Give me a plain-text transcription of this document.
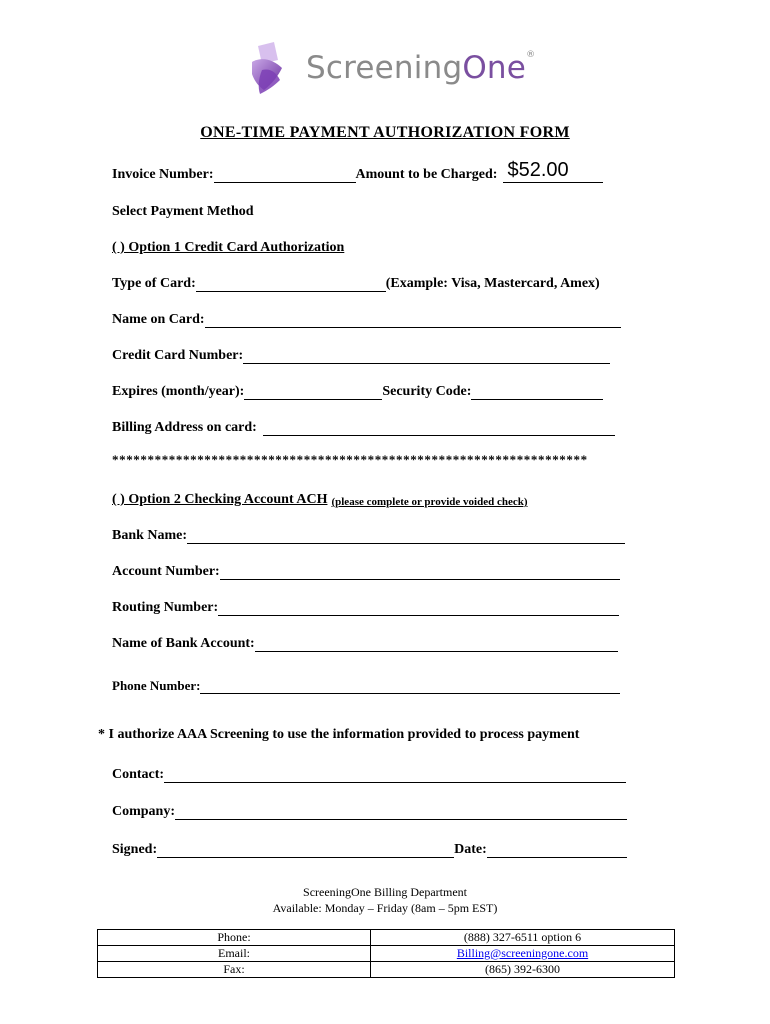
ScreeningOne®
ONE-TIME PAYMENT AUTHORIZATION FORM
Invoice Number:	Amount to be Charged: $52.00
Select Payment Method
( ) Option 1 Credit Card Authorization
Type of Card:	(Example: Visa, Mastercard, Amex)
Name on Card:
Credit Card Number:
Expires (month/year):	Security Code:
Billing Address on card:
*******************************************************************
( ) Option 2 Checking Account ACH (please complete or provide voided check)
Bank Name:
Account Number:
Routing Number:
Name of Bank Account:
Phone Number:
* I authorize AAA Screening to use the information provided to process payment
Contact:
Company:
Signed:	Date:
ScreeningOne Billing Department
Available: Monday – Friday (8am – 5pm EST)
Phone:	(888) 327-6511 option 6
Email:	Billing@screeningone.com
Fax:	(865) 392-6300
